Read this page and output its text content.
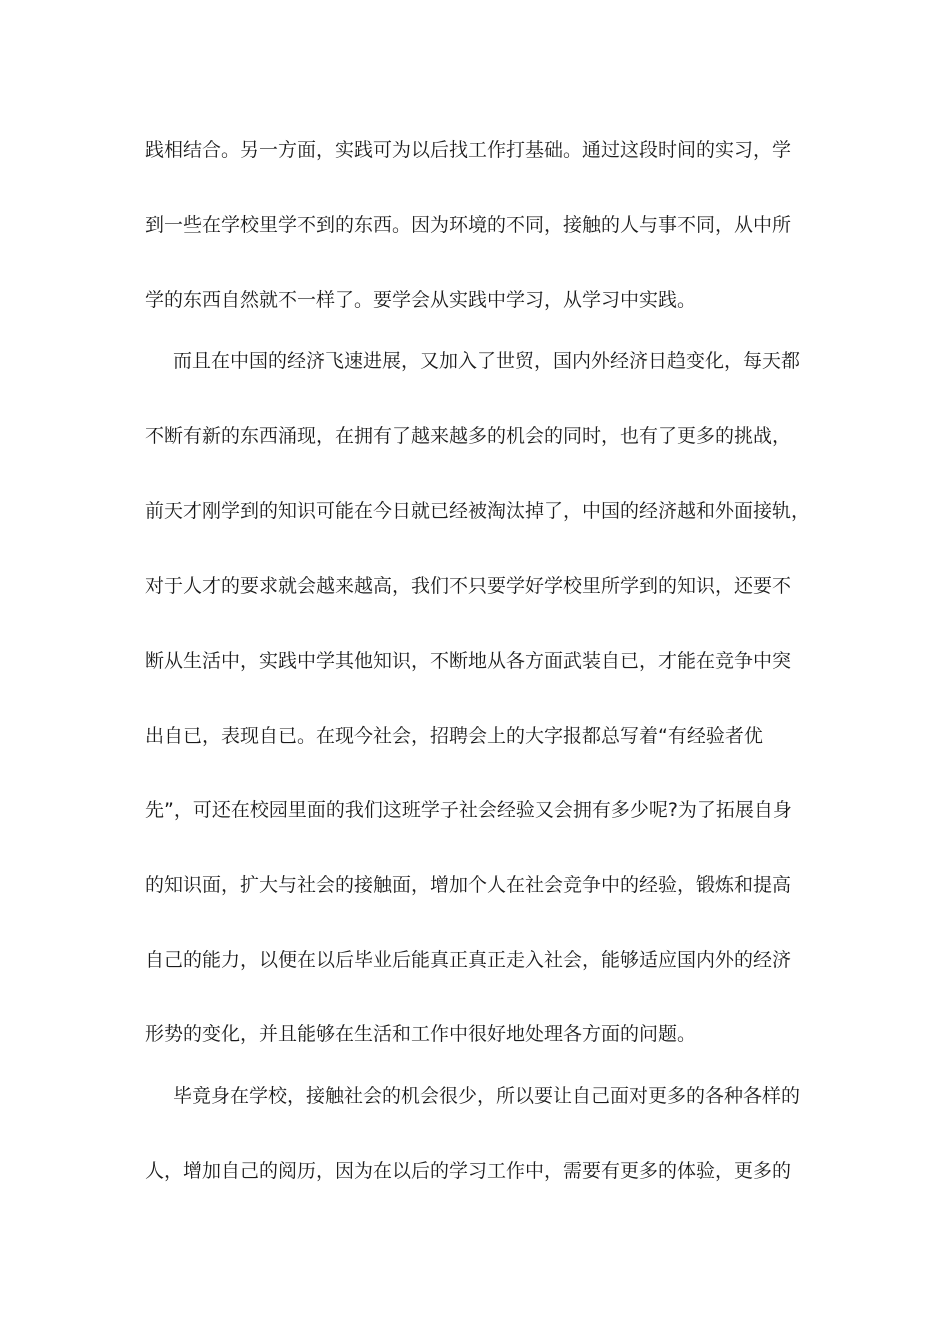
践相结合。另一方面，实践可为以后找工作打基础。通过这段时间的实习，学
到一些在学校里学不到的东西。因为环境的不同，接触的人与事不同，从中所
学的东西自然就不一样了。要学会从实践中学习，从学习中实践。
而且在中国的经济飞速进展，又加入了世贸，国内外经济日趋变化，每天都
不断有新的东西涌现，在拥有了越来越多的机会的同时，也有了更多的挑战，
前天才刚学到的知识可能在今日就已经被淘汰掉了，中国的经济越和外面接轨，
对于人才的要求就会越来越高，我们不只要学好学校里所学到的知识，还要不
断从生活中，实践中学其他知识，不断地从各方面武装自已，才能在竞争中突
出自已，表现自已。在现今社会，招聘会上的大字报都总写着“有经验者优
先”，可还在校园里面的我们这班学子社会经验又会拥有多少呢?为了拓展自身
的知识面，扩大与社会的接触面，增加个人在社会竞争中的经验，锻炼和提高
自己的能力，以便在以后毕业后能真正真正走入社会，能够适应国内外的经济
形势的变化，并且能够在生活和工作中很好地处理各方面的问题。
毕竟身在学校，接触社会的机会很少，所以要让自己面对更多的各种各样的
人，增加自己的阅历，因为在以后的学习工作中，需要有更多的体验，更多的
